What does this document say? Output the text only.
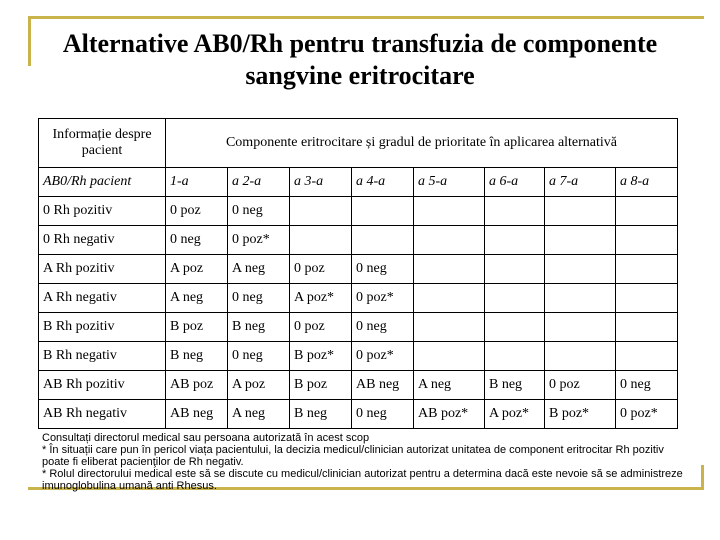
Alternative AB0/Rh pentru transfuzia de componente sangvine eritrocitare
Informație despre pacient	Componente eritrocitare și gradul de prioritate în aplicarea alternativă							
AB0/Rh pacient	1-a	a 2-a	a 3-a	a 4-a	a 5-a	a 6-a	a 7-a	a 8-a
0 Rh pozitiv	0 poz	0 neg						
0 Rh negativ	0 neg	0 poz*						
A Rh pozitiv	A poz	A neg	0 poz	0 neg				
A Rh negativ	A neg	0 neg	A poz*	0 poz*				
B Rh pozitiv	B poz	B neg	0 poz	0 neg				
B Rh negativ	B neg	0 neg	B poz*	0 poz*				
AB Rh pozitiv	AB poz	A poz	B poz	AB neg	A neg	B neg	0 poz	0 neg
AB Rh negativ	AB neg	A neg	B neg	0 neg	AB poz*	A poz*	B poz*	0 poz*
Consultați directorul medical sau persoana autorizată în acest scop
* În situații care pun în pericol viața pacientului, la decizia medicul/clinician autorizat unitatea de component eritrocitar Rh pozitiv poate fi eliberat pacienţilor de Rh negativ.
* Rolul directorului medical este să se discute cu medicul/clinician autorizat pentru a determina dacă este nevoie să se administreze imunoglobulina umană anti Rhesus.
